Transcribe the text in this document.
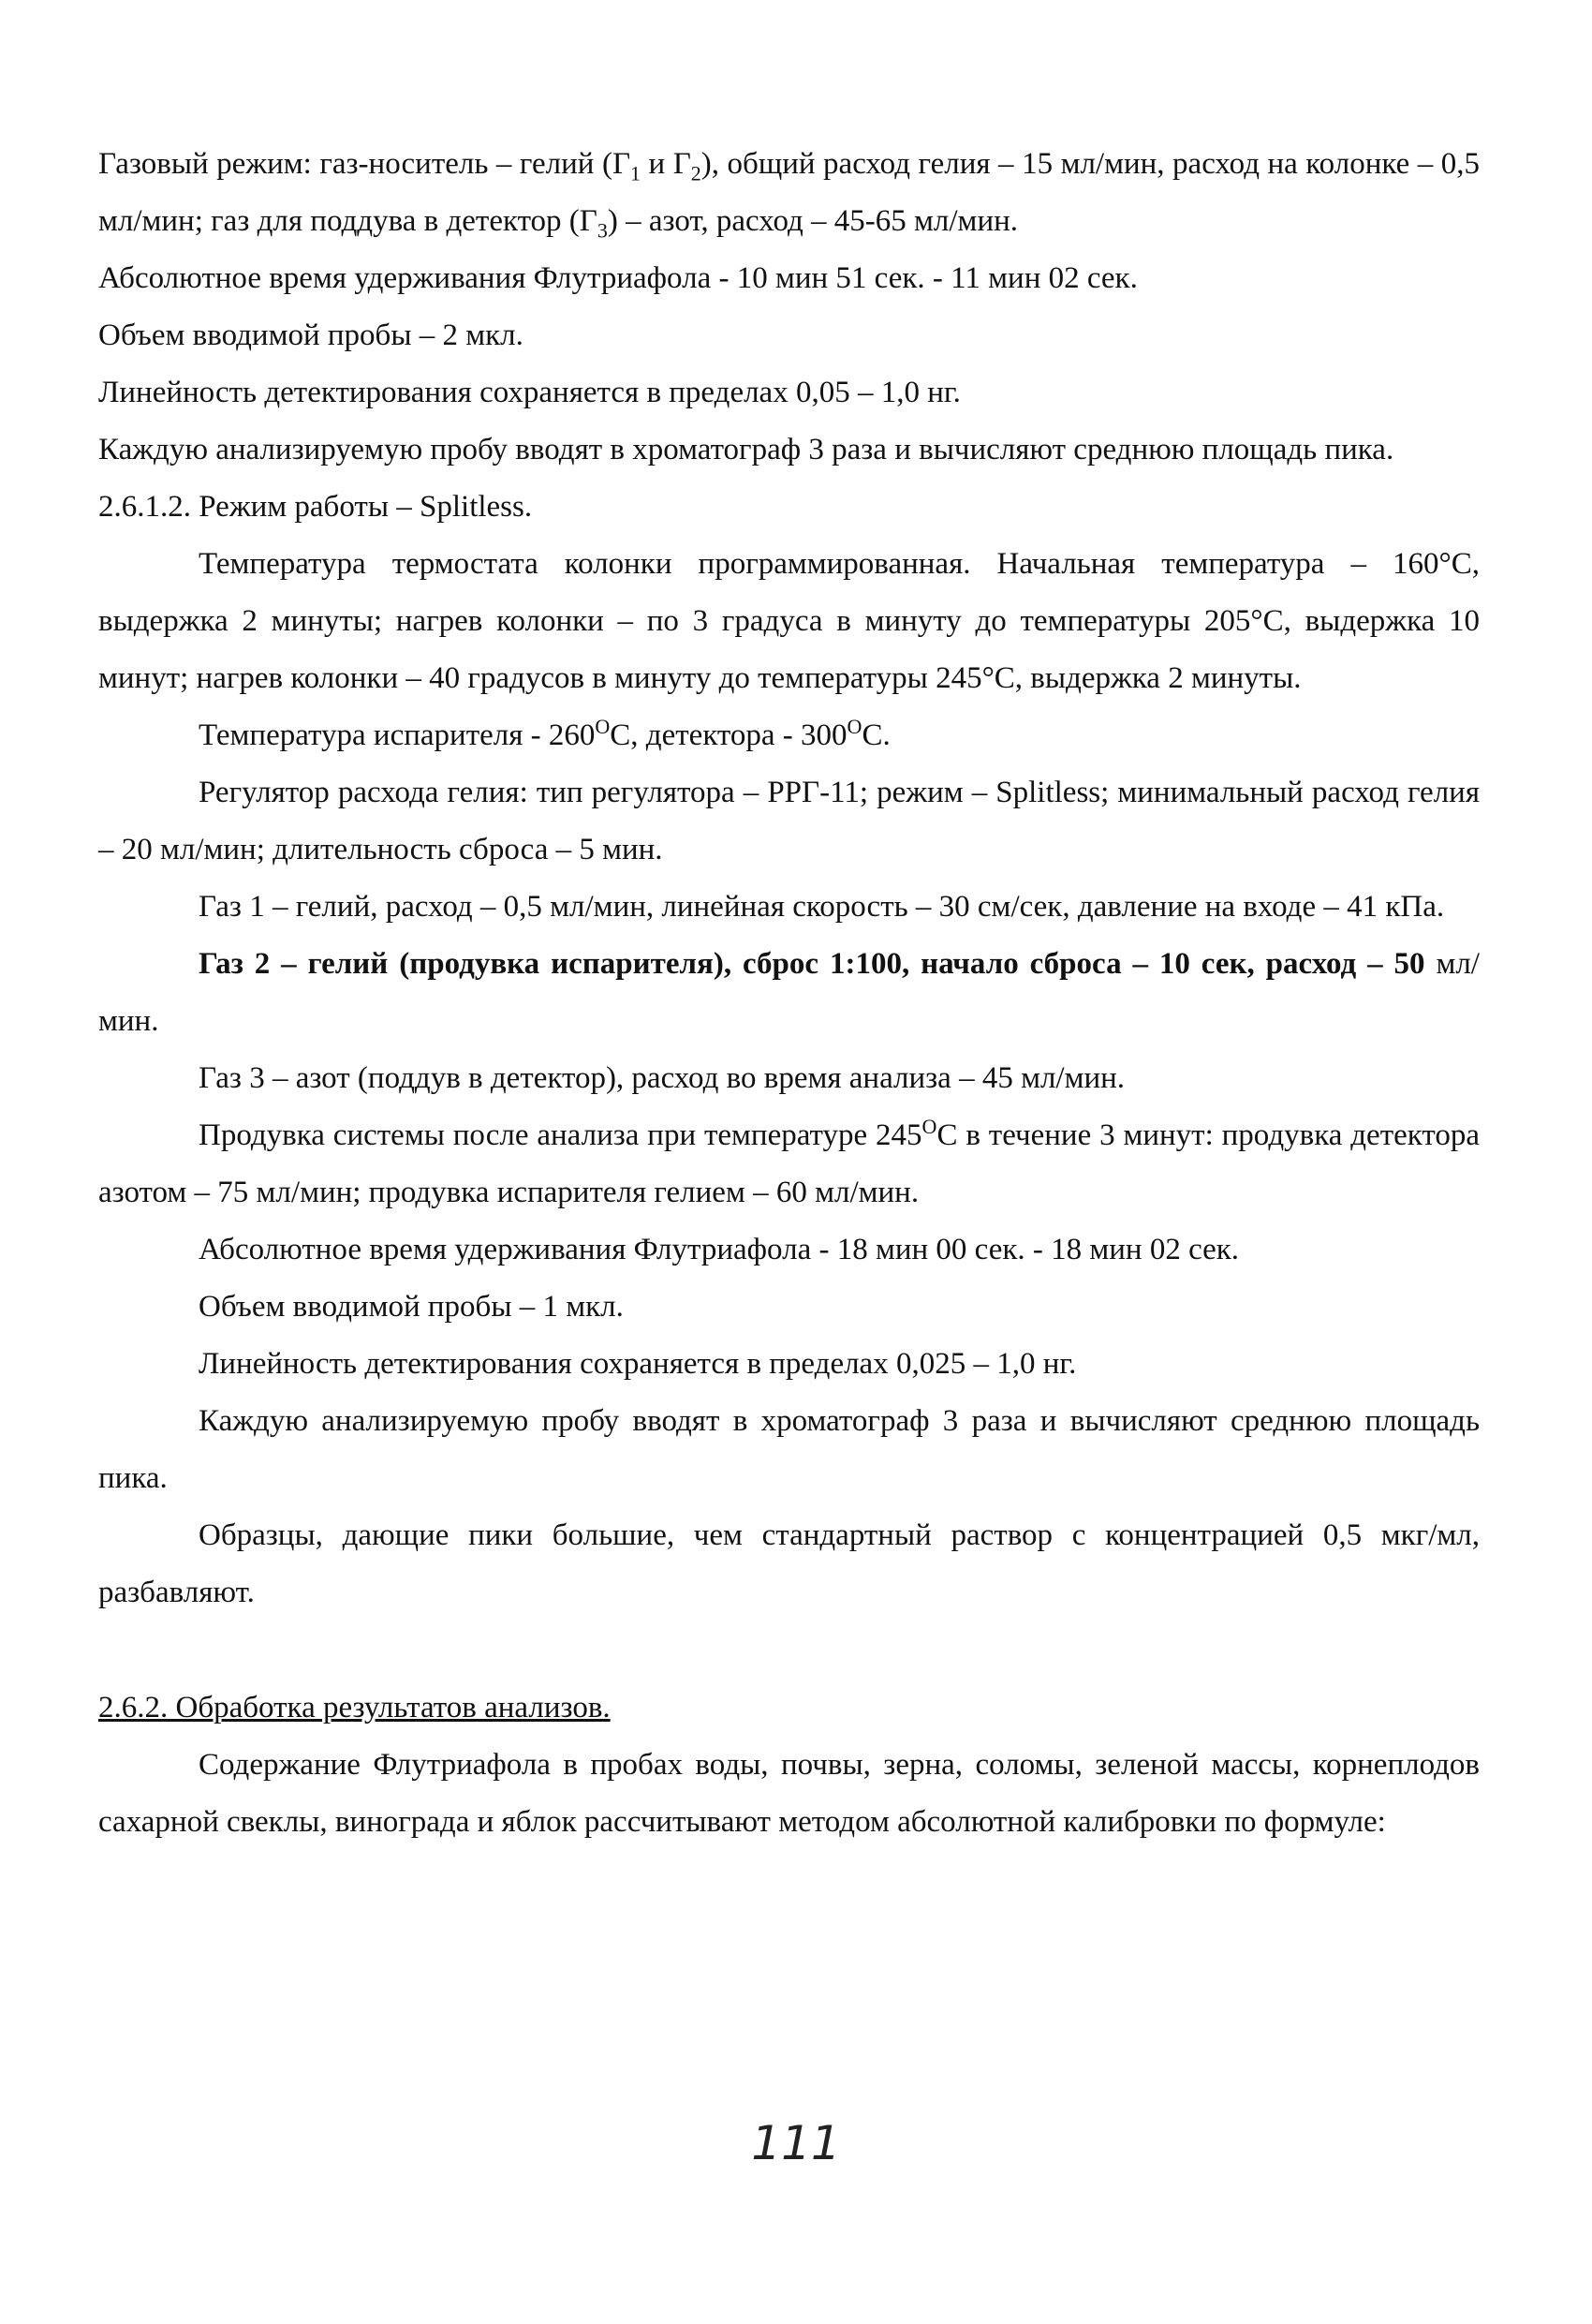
Газовый режим: газ-носитель – гелий ($Г_1$ и $Г_2$), общий расход гелия – 15 мл/мин, расход на колонке – 0,5 мл/мин; газ для поддува в детектор $(Г_3)$ – азот, расход – 45-65 мл/мин.

Абсолютное время удерживания Флутриафола - 10 мин 51 сек. - 11 мин 02 сек.

Объем вводимой пробы – 2 мкл.

Линейность детектирования сохраняется в пределах 0,05 – 1,0 нг.

Каждую анализируемую пробу вводят в хроматограф 3 раза и вычисляют среднюю площадь пика.

2.6.1.2. Режим работы – Splitless.

Температура термостата колонки программированная. Начальная температура – 160°С, выдержка 2 минуты; нагрев колонки – по 3 градуса в минуту до температуры 205°С, выдержка 10 минут; нагрев колонки – 40 градусов в минуту до температуры 245°С, выдержка 2 минуты.

Температура испарителя - $260^ОС$, детектора - $300^ОС$.

Регулятор расхода гелия: тип регулятора – РРГ-11; режим – Splitless; минимальный расход гелия – 20 мл/мин; длительность сброса – 5 мин.

Газ 1 – гелий, расход – 0,5 мл/мин, линейная скорость – 30 см/сек, давление на входе – 41 кПа.

Газ 2 – гелий (продувка испарителя), сброс 1:100, начало сброса – 10 сек, расход – 50 мл/мин.

Газ 3 – азот (поддув в детектор), расход во время анализа – 45 мл/мин.

Продувка системы после анализа при температуре $245^ОС$ в течение 3 минут: продувка детектора азотом – 75 мл/мин; продувка испарителя гелием – 60 мл/мин.

Абсолютное время удерживания Флутриафола - 18 мин 00 сек. - 18 мин 02 сек.

Объем вводимой пробы – 1 мкл.

Линейность детектирования сохраняется в пределах 0,025 – 1,0 нг.

Каждую анализируемую пробу вводят в хроматограф 3 раза и вычисляют среднюю площадь пика.

Образцы, дающие пики большие, чем стандартный раствор с концентрацией 0,5 мкг/мл, разбавляют.

2.6.2. Обработка результатов анализов.

Содержание Флутриафола в пробах воды, почвы, зерна, соломы, зеленой массы, корнеплодов сахарной свеклы, винограда и яблок рассчитывают методом абсолютной калибровки по формуле:

111
